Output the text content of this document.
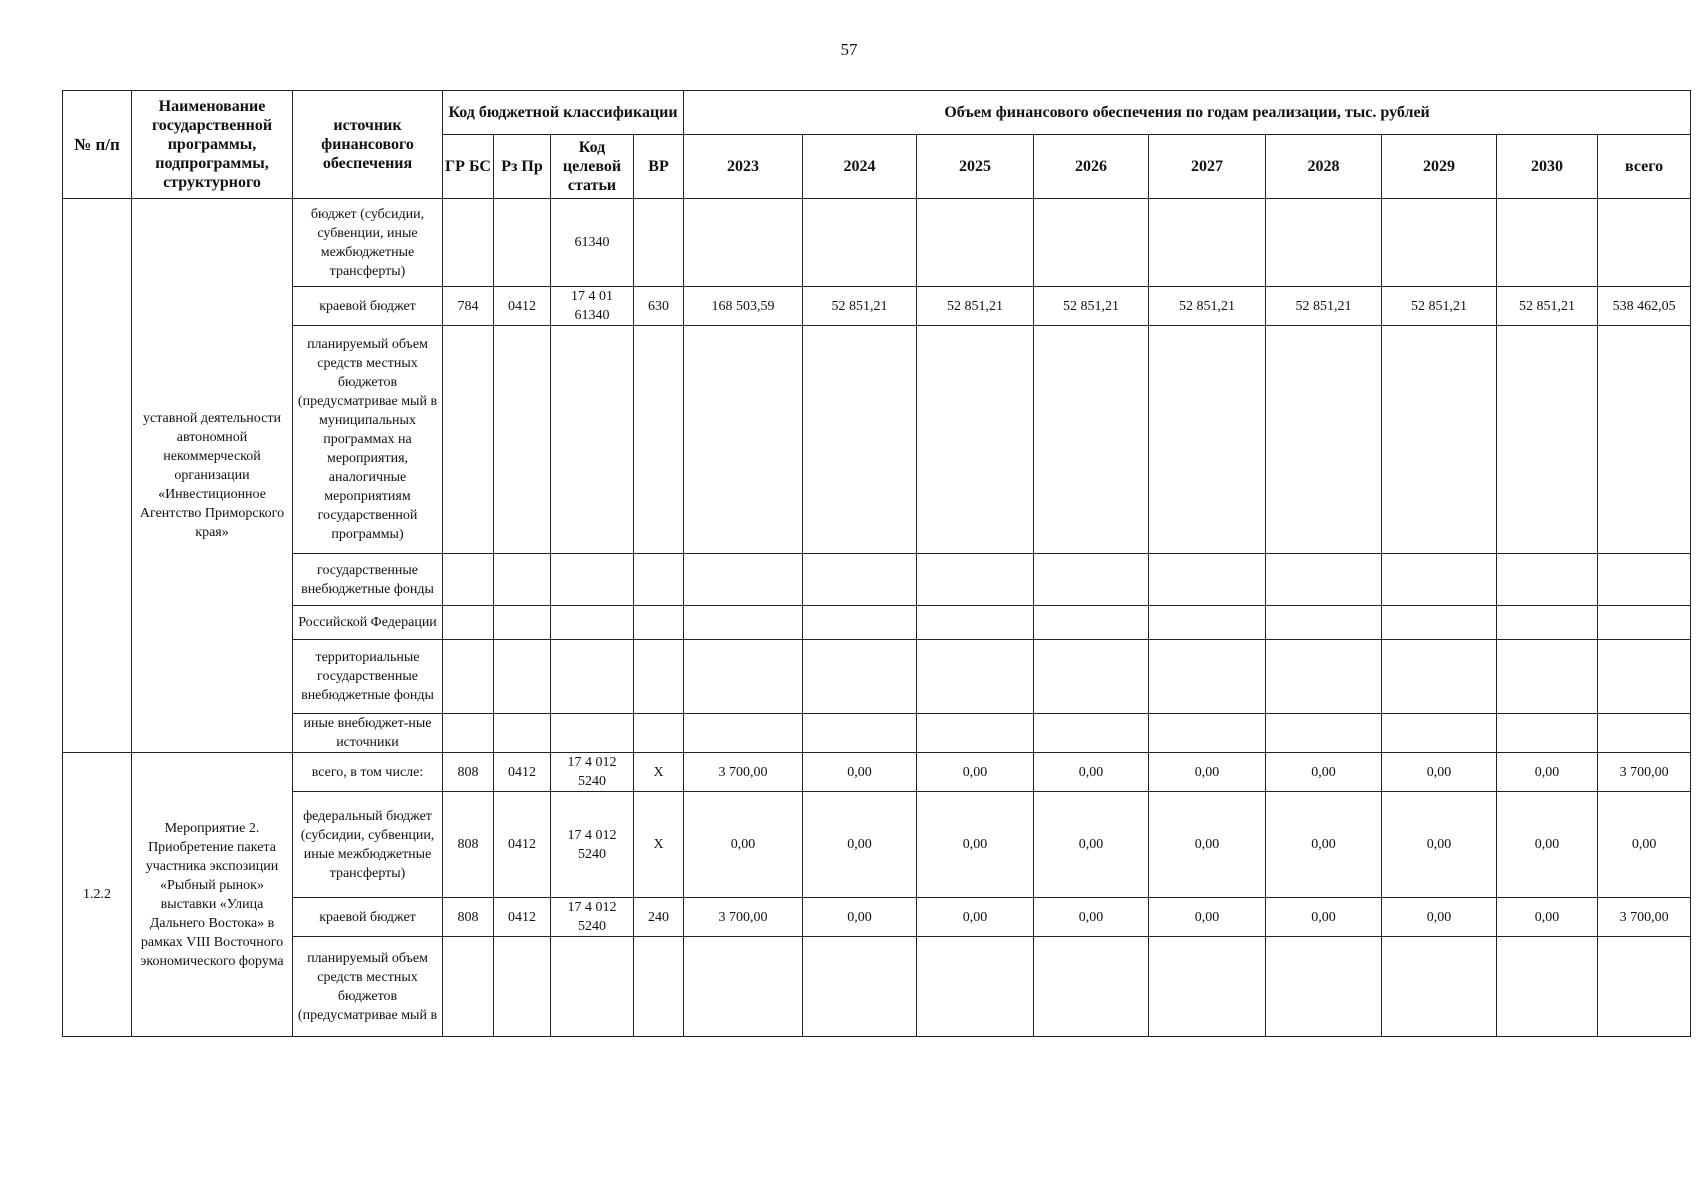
57
№ п/п	Наименование государственной программы, подпрограммы, структурного	источник финансового обеспечения	Код бюджетной классификации				Объем финансового обеспечения по годам реализации, тыс. рублей								
			ГР БС	Рз Пр	Код целевой статьи	ВР	2023	2024	2025	2026	2027	2028	2029	2030	всего
	уставной деятельности автономной некоммерческой организации «Инвестиционное Агентство Приморского края»	бюджет (субсидии, субвенции, иные межбюджетные трансферты)			61340										
		краевой бюджет	784	0412	17 4 01 61340	630	168 503,59	52 851,21	52 851,21	52 851,21	52 851,21	52 851,21	52 851,21	52 851,21	538 462,05
		планируемый объем средств местных бюджетов (предусматривае мый в муниципальных программах на мероприятия, аналогичные мероприятиям государственной программы)													
		государственные внебюджетные фонды													
		Российской Федерации													
		территориальные государственные внебюджетные фонды													
		иные внебюджет-ные источники													
1.2.2	Мероприятие 2. Приобретение пакета участника экспозиции «Рыбный рынок» выставки «Улица Дальнего Востока» в рамках VIII Восточного экономического форума	всего, в том числе:	808	0412	17 4 012 5240	X	3 700,00	0,00	0,00	0,00	0,00	0,00	0,00	0,00	3 700,00
		федеральный бюджет (субсидии, субвенции, иные межбюджетные трансферты)	808	0412	17 4 012 5240	X	0,00	0,00	0,00	0,00	0,00	0,00	0,00	0,00	0,00
		краевой бюджет	808	0412	17 4 012 5240	240	3 700,00	0,00	0,00	0,00	0,00	0,00	0,00	0,00	3 700,00
		планируемый объем средств местных бюджетов (предусматривае мый в													
